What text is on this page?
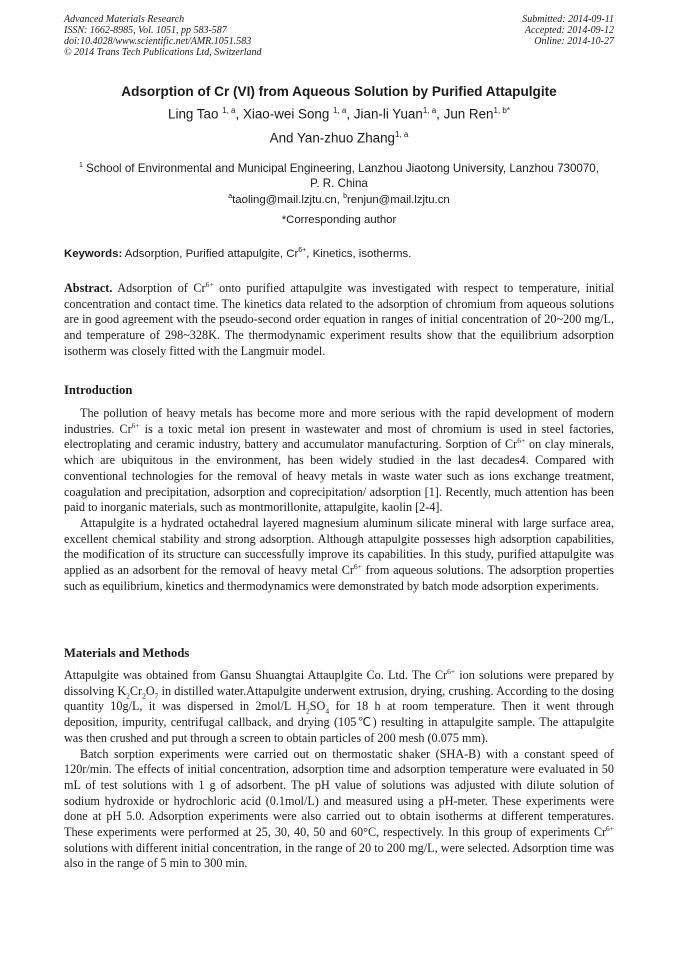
Advanced Materials Research
ISSN: 1662-8985, Vol. 1051, pp 583-587
doi:10.4028/www.scientific.net/AMR.1051.583
© 2014 Trans Tech Publications Ltd, Switzerland
Submitted: 2014-09-11
Accepted: 2014-09-12
Online: 2014-10-27
Adsorption of Cr (VI) from Aqueous Solution by Purified Attapulgite
Ling Tao $^{1, a}$, Xiao-wei Song $^{1, a}$, Jian-li Yuan$^{1, a}$, Jun Ren$^{1, b*}$
And Yan-zhuo Zhang$^{1, a}$
$^1$ School of Environmental and Municipal Engineering, Lanzhou Jiaotong University, Lanzhou 730070, P. R. China
$^a$taoling@mail.lzjtu.cn, $^b$renjun@mail.lzjtu.cn
*Corresponding author
Keywords: Adsorption, Purified attapulgite, $Cr^{6+}$, Kinetics, isotherms.

Abstract. Adsorption of $Cr^{6+}$ onto purified attapulgite was investigated with respect to temperature, initial concentration and contact time. The kinetics data related to the adsorption of chromium from aqueous solutions are in good agreement with the pseudo-second order equation in ranges of initial concentration of 20~200 mg/L, and temperature of 298~328K. The thermodynamic experiment results show that the equilibrium adsorption isotherm was closely fitted with the Langmuir model.

Introduction

The pollution of heavy metals has become more and more serious with the rapid development of modern industries. $Cr^{6+}$ is a toxic metal ion present in wastewater and most of chromium is used in steel factories, electroplating and ceramic industry, battery and accumulator manufacturing. Sorption of $Cr^{6+}$ on clay minerals, which are ubiquitous in the environment, has been widely studied in the last decades4. Compared with conventional technologies for the removal of heavy metals in waste water such as ions exchange treatment, coagulation and precipitation, adsorption and coprecipitation/ adsorption [1]. Recently, much attention has been paid to inorganic materials, such as montmorillonite, attapulgite, kaolin [2-4].

Attapulgite is a hydrated octahedral layered magnesium aluminum silicate mineral with large surface area, excellent chemical stability and strong adsorption. Although attapulgite possesses high adsorption capabilities, the modification of its structure can successfully improve its capabilities. In this study, purified attapulgite was applied as an adsorbent for the removal of heavy metal $Cr^{6+}$ from aqueous solutions. The adsorption properties such as equilibrium, kinetics and thermodynamics were demonstrated by batch mode adsorption experiments.

Materials and Methods

Attapulgite was obtained from Gansu Shuangtai Attauplgite Co. Ltd. The $Cr^{6+}$ ion solutions were prepared by dissolving $K_2Cr_2O_7$ in distilled water.Attapulgite underwent extrusion, drying, crushing. According to the dosing quantity 10g/L, it was dispersed in 2mol/L $H_2SO_4$ for 18 h at room temperature. Then it went through deposition, impurity, centrifugal callback, and drying (105℃) resulting in attapulgite sample. The attapulgite was then crushed and put through a screen to obtain particles of 200 mesh (0.075 mm).

Batch sorption experiments were carried out on thermostatic shaker (SHA-B) with a constant speed of 120r/min. The effects of initial concentration, adsorption time and adsorption temperature were evaluated in 50 mL of test solutions with 1 g of adsorbent. The pH value of solutions was adjusted with dilute solution of sodium hydroxide or hydrochloric acid (0.1mol/L) and measured using a pH-meter. These experiments were done at pH 5.0. Adsorption experiments were also carried out to obtain isotherms at different temperatures. These experiments were performed at 25, 30, 40, 50 and 60°C, respectively. In this group of experiments $Cr^{6+}$ solutions with different initial concentration, in the range of 20 to 200 mg/L, were selected. Adsorption time was also in the range of 5 min to 300 min.
